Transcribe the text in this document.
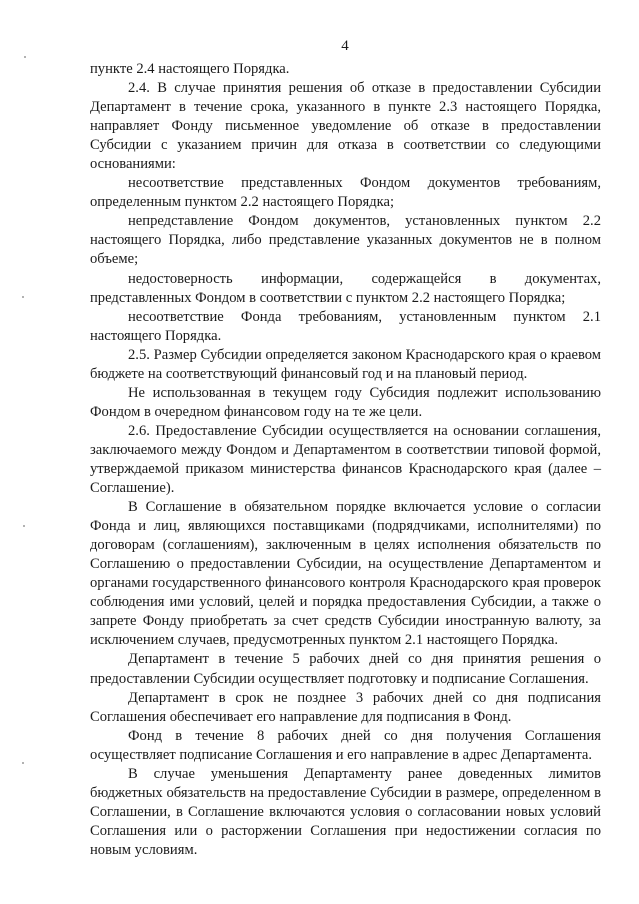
4

пункте 2.4 настоящего Порядка.

2.4. В случае принятия решения об отказе в предоставлении Субсидии Департамент в течение срока, указанного в пункте 2.3 настоящего Порядка, направляет Фонду письменное уведомление об отказе в предоставлении Субсидии с указанием причин для отказа в соответствии со следующими основаниями:

несоответствие представленных Фондом документов требованиям, определенным пунктом 2.2 настоящего Порядка;

непредставление Фондом документов, установленных пунктом 2.2 настоящего Порядка, либо представление указанных документов не в полном объеме;

недостоверность информации, содержащейся в документах, представленных Фондом в соответствии с пунктом 2.2 настоящего Порядка;

несоответствие Фонда требованиям, установленным пунктом 2.1 настоящего Порядка.

2.5. Размер Субсидии определяется законом Краснодарского края о краевом бюджете на соответствующий финансовый год и на плановый период.

Не использованная в текущем году Субсидия подлежит использованию Фондом в очередном финансовом году на те же цели.

2.6. Предоставление Субсидии осуществляется на основании соглашения, заключаемого между Фондом и Департаментом в соответствии типовой формой, утверждаемой приказом министерства финансов Краснодарского края (далее – Соглашение).

В Соглашение в обязательном порядке включается условие о согласии Фонда и лиц, являющихся поставщиками (подрядчиками, исполнителями) по договорам (соглашениям), заключенным в целях исполнения обязательств по Соглашению о предоставлении Субсидии, на осуществление Департаментом и органами государственного финансового контроля Краснодарского края проверок соблюдения ими условий, целей и порядка предоставления Субсидии, а также о запрете Фонду приобретать за счет средств Субсидии иностранную валюту, за исключением случаев, предусмотренных пунктом 2.1 настоящего Порядка.

Департамент в течение 5 рабочих дней со дня принятия решения о предоставлении Субсидии осуществляет подготовку и подписание Соглашения.

Департамент в срок не позднее 3 рабочих дней со дня подписания Соглашения обеспечивает его направление для подписания в Фонд.

Фонд в течение 8 рабочих дней со дня получения Соглашения осуществляет подписание Соглашения и его направление в адрес Департамента.

В случае уменьшения Департаменту ранее доведенных лимитов бюджетных обязательств на предоставление Субсидии в размере, определенном в Соглашении, в Соглашение включаются условия о согласовании новых условий Соглашения или о расторжении Соглашения при недостижении согласия по новым условиям.
